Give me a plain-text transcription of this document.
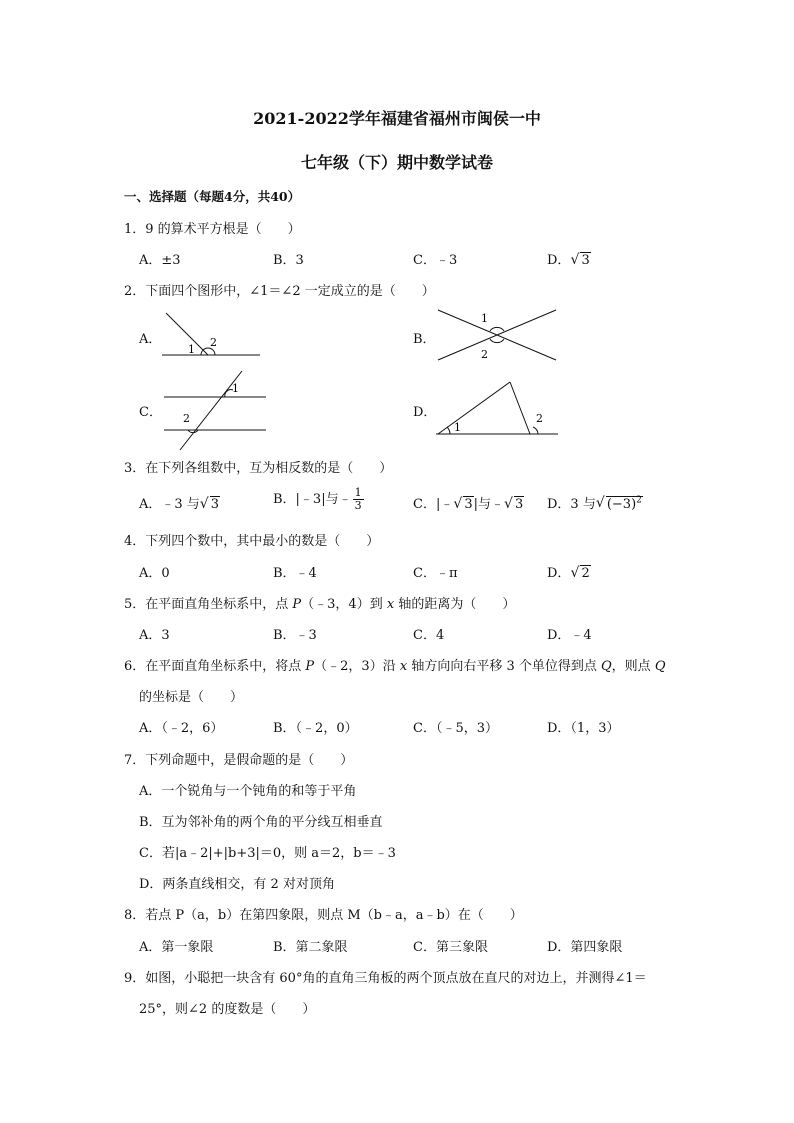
2021-2022学年福建省福州市闽侯一中
七年级（下）期中数学试卷
一、选择题（每题4分，共40）
1．9 的算术平方根是（　　）
A．±3	B．3	C．﹣3	D． √ 3
2．下面四个图形中，∠1＝∠2 一定成立的是（　　）
A．	B．
C．	D．
1
2
1
2
1
2
1
2
3．在下列各组数中，互为相反数的是（　　）
A．﹣3 与 √ 3	B．|﹣3|与﹣ $\frac{1}{3}$	C．|﹣ √ 3|与﹣ √ 3 D．3 与 √ $(-3)^2$
4．下列四个数中，其中最小的数是（　　）
A．0	B．﹣4	C．﹣π	D． √ 2
5．在平面直角坐标系中，点 P（﹣3，4）到 x 轴的距离为（　　）
A．3	B．﹣3	C．4	D．﹣4
6．在平面直角坐标系中，将点 P（﹣2，3）沿 x 轴方向向右平移 3 个单位得到点 Q，则点 Q
的坐标是（　　）
A．（﹣2，6）	B．（﹣2，0）	C．（﹣5，3）	D．（1，3）
7．下列命题中，是假命题的是（　　）
A．一个锐角与一个钝角的和等于平角
B．互为邻补角的两个角的平分线互相垂直
C．若|a﹣2|+|b+3|＝0，则 a＝2，b＝﹣3
D．两条直线相交，有 2 对对顶角
8．若点 P（a，b）在第四象限，则点 M（b﹣a，a﹣b）在（　　）
A．第一象限	B．第二象限	C．第三象限	D．第四象限
9．如图，小聪把一块含有 60°角的直角三角板的两个顶点放在直尺的对边上，并测得∠1＝
25°，则∠2 的度数是（　　）
